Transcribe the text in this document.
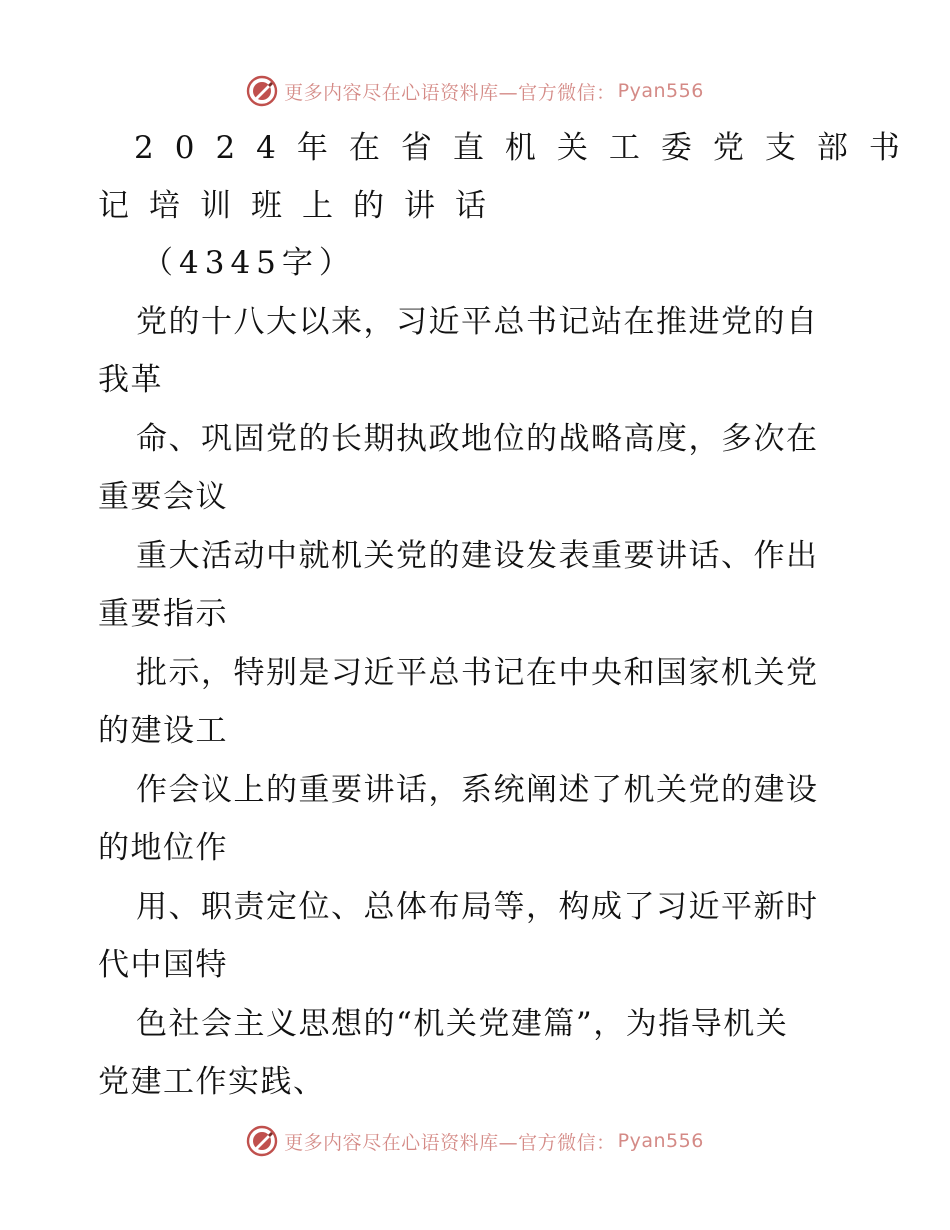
更多内容尽在心语资料库—官方微信： Pyan556
2024年在省直机关工委党支部书
记培训班上的讲话
（4345字）
党的十八大以来，习近平总书记站在推进党的自
我革
命、巩固党的长期执政地位的战略高度，多次在
重要会议
重大活动中就机关党的建设发表重要讲话、作出
重要指示
批示，特别是习近平总书记在中央和国家机关党
的建设工
作会议上的重要讲话，系统阐述了机关党的建设
的地位作
用、职责定位、总体布局等，构成了习近平新时
代中国特
色社会主义思想的“机关党建篇”，为指导机关
党建工作实践、
更多内容尽在心语资料库—官方微信： Pyan556
